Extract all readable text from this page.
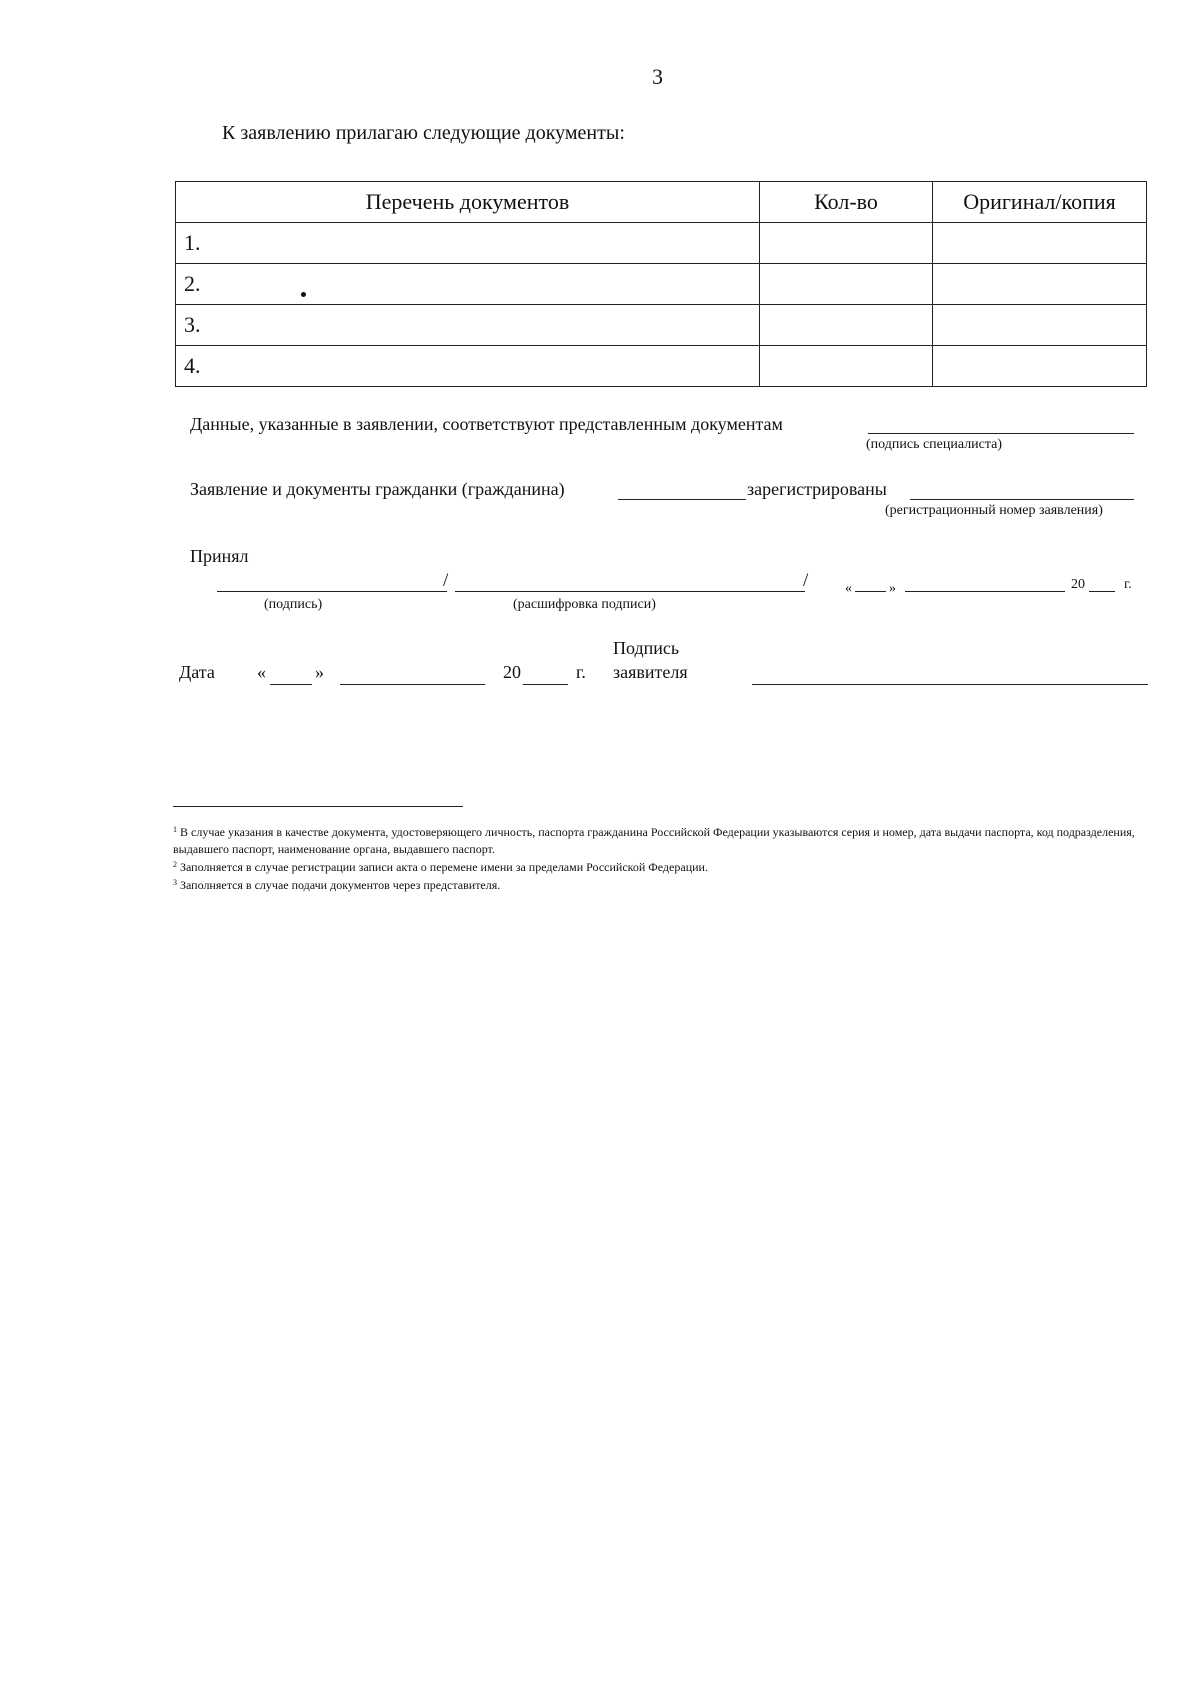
3
К заявлению прилагаю следующие документы:
Перечень документов	Кол-во	Оригинал/копия
1.		
2.		
3.		
4.		
Данные, указанные в заявлении, соответствуют представленным документам
(подпись специалиста)
Заявление и документы гражданки (гражданина)	зарегистрированы
(регистрационный номер заявления)
Принял
/	/	«	»	20	г.
(подпись)	(расшифровка подписи)
Дата «	»	20	г.
Подпись
заявителя
$^1$ В случае указания в качестве документа, удостоверяющего личность, паспорта гражданина Российской Федерации указываются серия и номер, дата выдачи паспорта, код подразделения, выдавшего паспорт, наименование органа, выдавшего паспорт.
$^2$ Заполняется в случае регистрации записи акта о перемене имени за пределами Российской Федерации.
$^3$ Заполняется в случае подачи документов через представителя.
